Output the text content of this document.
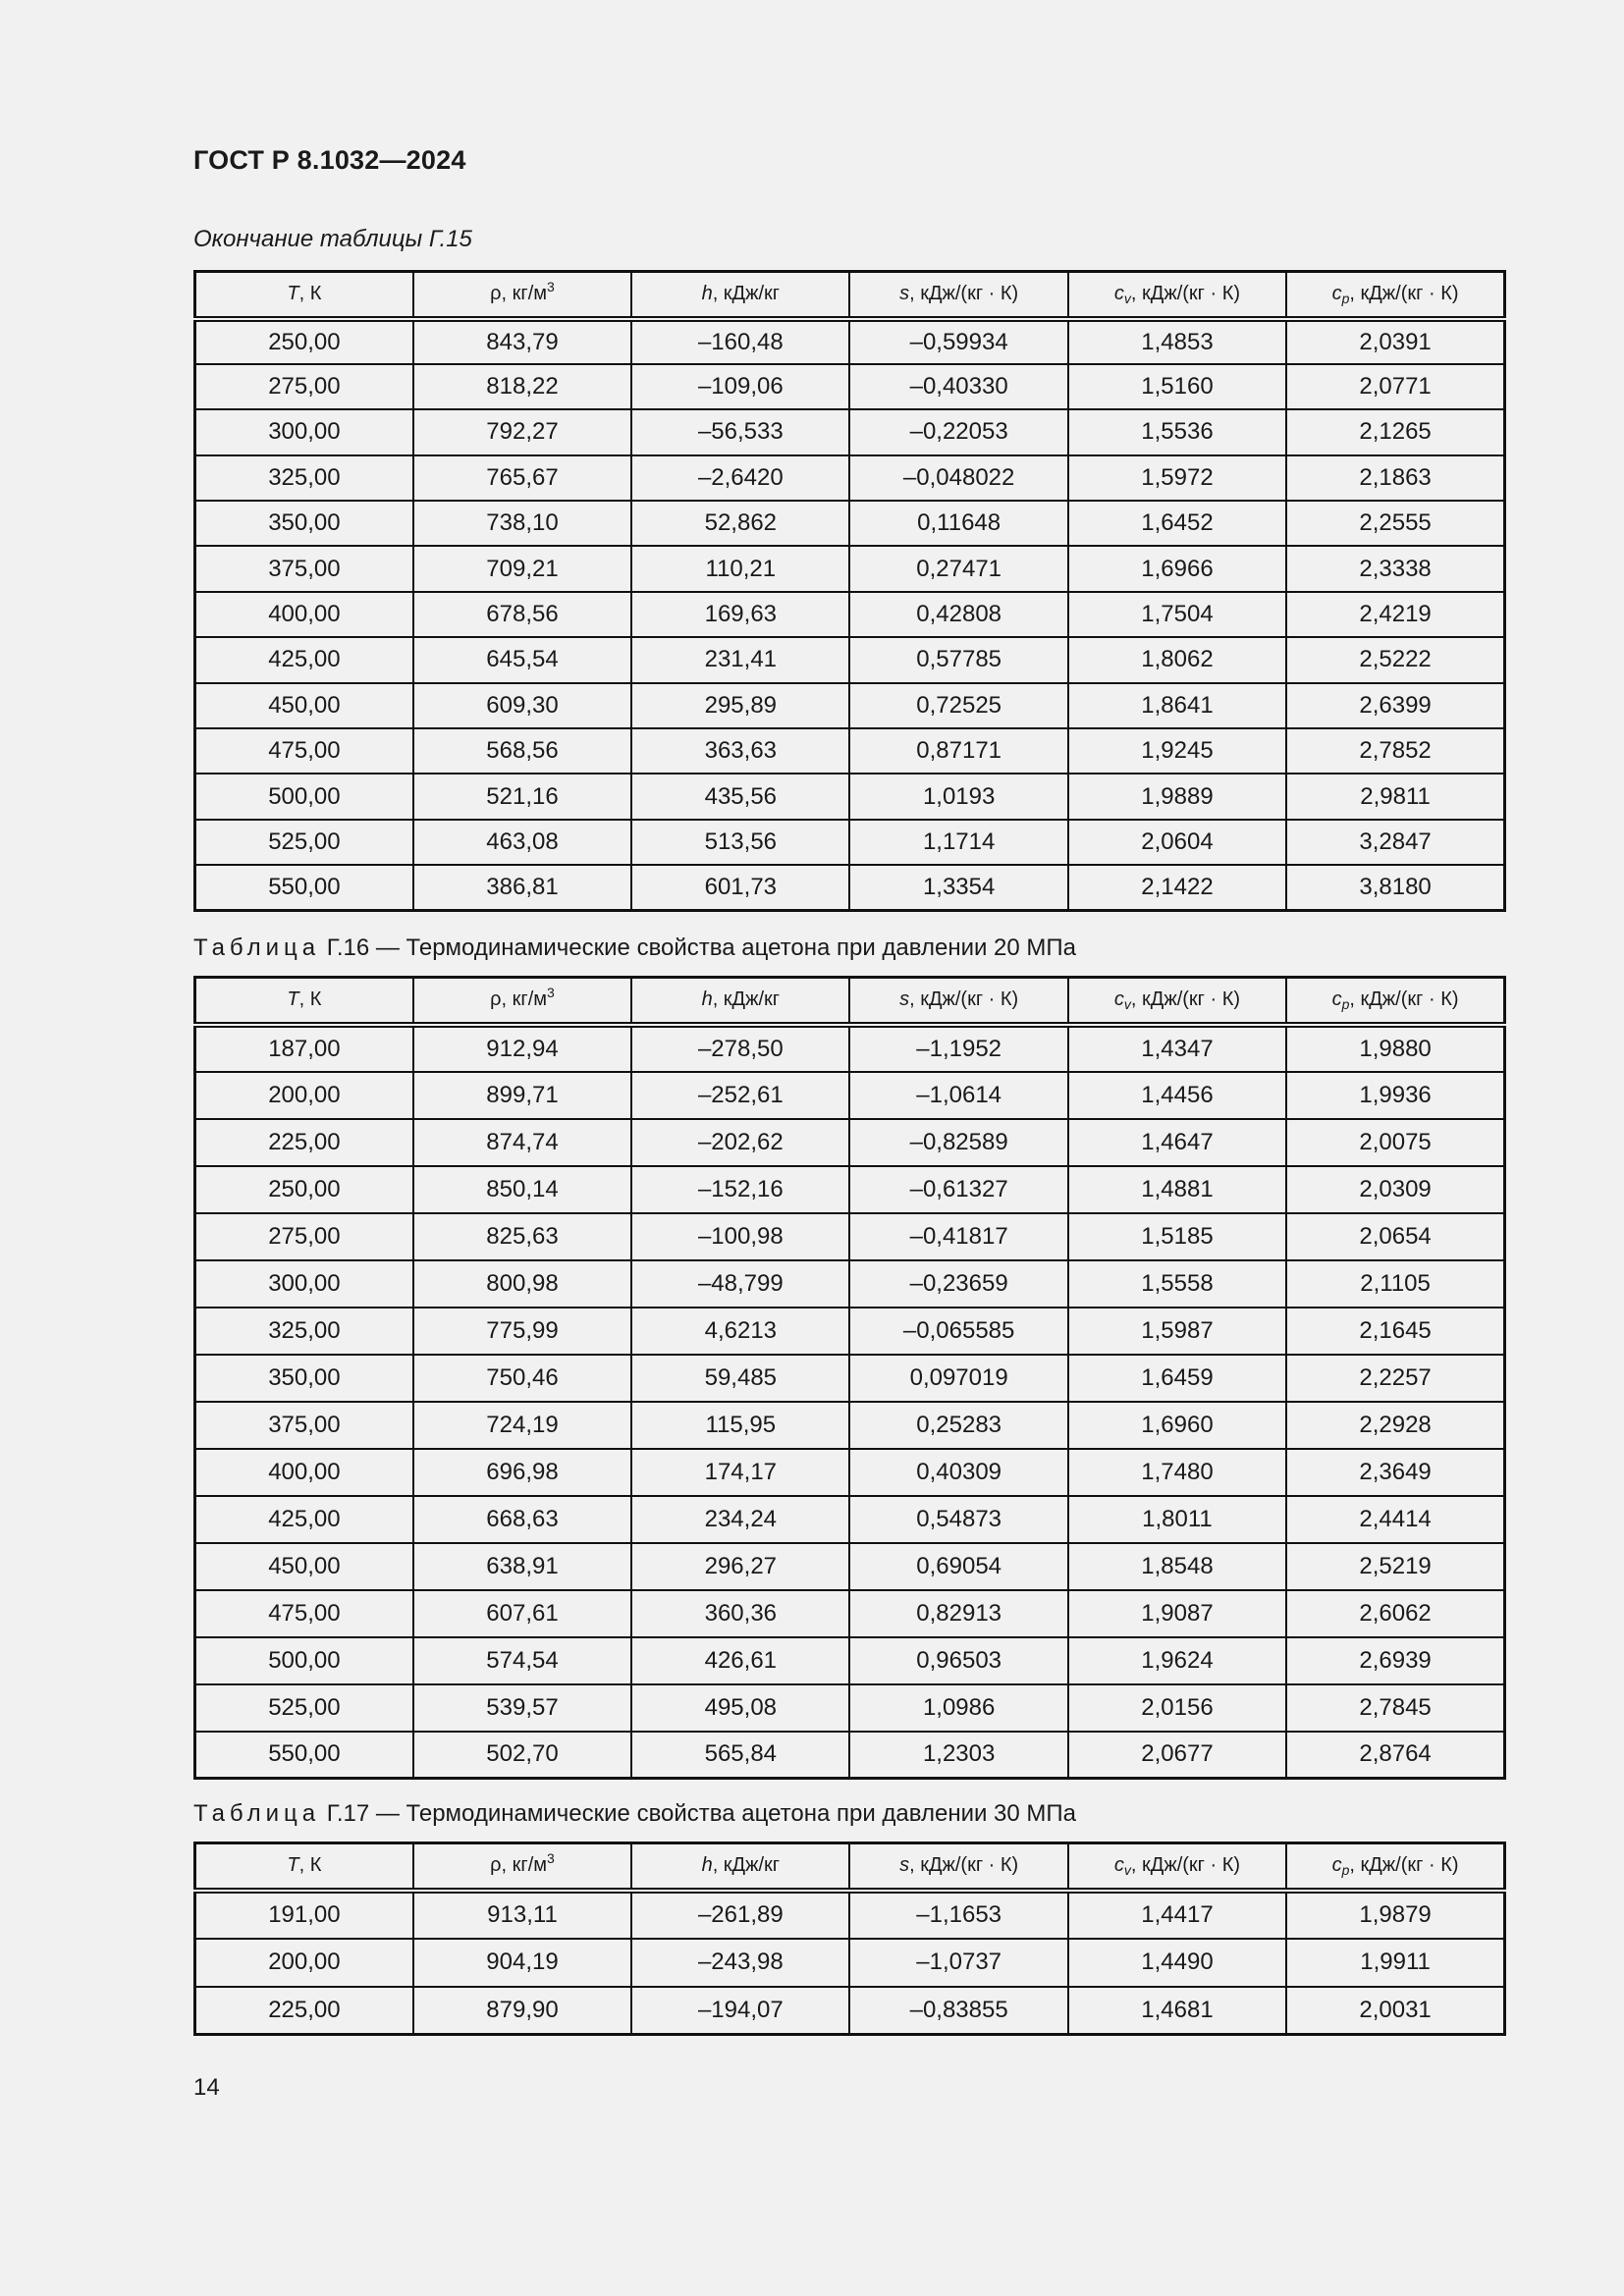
ГОСТ Р 8.1032—2024
Окончание таблицы Г.15
T, К	ρ, $кг/м^3$	h, кДж/кг	s, кДж/(кг · К)	$c_v$, кДж/(кг · К)	$c_p$, кДж/(кг · К)
250,00	843,79	–160,48	–0,59934	1,4853	2,0391
275,00	818,22	–109,06	–0,40330	1,5160	2,0771
300,00	792,27	–56,533	–0,22053	1,5536	2,1265
325,00	765,67	–2,6420	–0,048022	1,5972	2,1863
350,00	738,10	52,862	0,11648	1,6452	2,2555
375,00	709,21	110,21	0,27471	1,6966	2,3338
400,00	678,56	169,63	0,42808	1,7504	2,4219
425,00	645,54	231,41	0,57785	1,8062	2,5222
450,00	609,30	295,89	0,72525	1,8641	2,6399
475,00	568,56	363,63	0,87171	1,9245	2,7852
500,00	521,16	435,56	1,0193	1,9889	2,9811
525,00	463,08	513,56	1,1714	2,0604	3,2847
550,00	386,81	601,73	1,3354	2,1422	3,8180
Таблица Г.16 — Термодинамические свойства ацетона при давлении 20 МПа
T, К	ρ, $кг/м^3$	h, кДж/кг	s, кДж/(кг · К)	$c_v$, кДж/(кг · К)	$c_p$, кДж/(кг · К)
187,00	912,94	–278,50	–1,1952	1,4347	1,9880
200,00	899,71	–252,61	–1,0614	1,4456	1,9936
225,00	874,74	–202,62	–0,82589	1,4647	2,0075
250,00	850,14	–152,16	–0,61327	1,4881	2,0309
275,00	825,63	–100,98	–0,41817	1,5185	2,0654
300,00	800,98	–48,799	–0,23659	1,5558	2,1105
325,00	775,99	4,6213	–0,065585	1,5987	2,1645
350,00	750,46	59,485	0,097019	1,6459	2,2257
375,00	724,19	115,95	0,25283	1,6960	2,2928
400,00	696,98	174,17	0,40309	1,7480	2,3649
425,00	668,63	234,24	0,54873	1,8011	2,4414
450,00	638,91	296,27	0,69054	1,8548	2,5219
475,00	607,61	360,36	0,82913	1,9087	2,6062
500,00	574,54	426,61	0,96503	1,9624	2,6939
525,00	539,57	495,08	1,0986	2,0156	2,7845
550,00	502,70	565,84	1,2303	2,0677	2,8764
Таблица Г.17 — Термодинамические свойства ацетона при давлении 30 МПа
T, К	ρ, $кг/м^3$	h, кДж/кг	s, кДж/(кг · К)	$c_v$, кДж/(кг · К)	$c_p$, кДж/(кг · К)
191,00	913,11	–261,89	–1,1653	1,4417	1,9879
200,00	904,19	–243,98	–1,0737	1,4490	1,9911
225,00	879,90	–194,07	–0,83855	1,4681	2,0031
14
